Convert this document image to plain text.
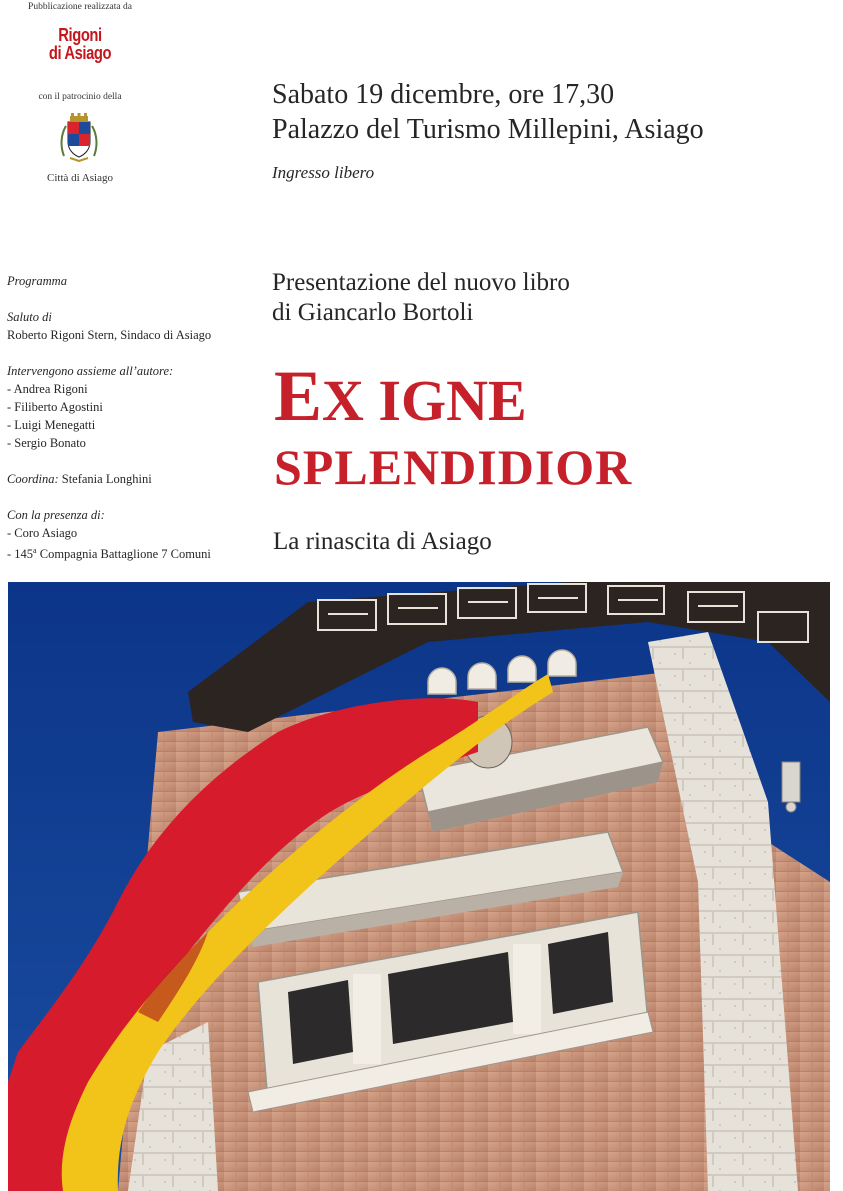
Pubblicazione realizzata da
Rigoni
di Asiago
con il patrocinio della
Città di Asiago
Sabato 19 dicembre, ore 17,30
Palazzo del Turismo Millepini, Asiago
Ingresso libero
Programma
Saluto di
Roberto Rigoni Stern, Sindaco di Asiago
Intervengono assieme all’autore:
- Andrea Rigoni
- Filiberto Agostini
- Luigi Menegatti
- Sergio Bonato
Coordina: Stefania Longhini
Con la presenza di:
- Coro Asiago
- 145$^a$ Compagnia Battaglione 7 Comuni
Presentazione del nuovo libro
di Giancarlo Bortoli
EX IGNE
SPLENDIDIOR
La rinascita di Asiago
